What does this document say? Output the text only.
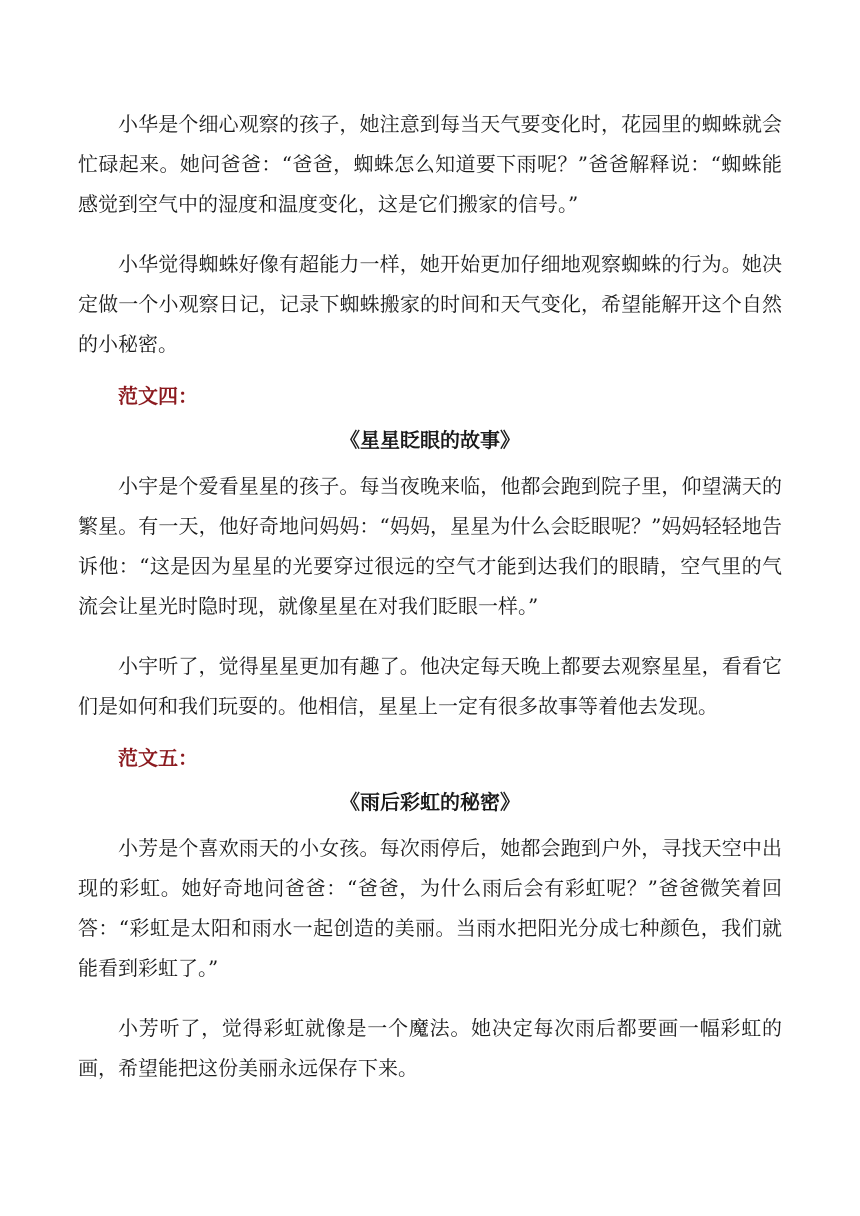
小华是个细心观察的孩子，她注意到每当天气要变化时，花园里的蜘蛛就会忙碌起来。她问爸爸：“爸爸，蜘蛛怎么知道要下雨呢？”爸爸解释说：“蜘蛛能感觉到空气中的湿度和温度变化，这是它们搬家的信号。”

小华觉得蜘蛛好像有超能力一样，她开始更加仔细地观察蜘蛛的行为。她决定做一个小观察日记，记录下蜘蛛搬家的时间和天气变化，希望能解开这个自然的小秘密。

范文四：
《星星眨眼的故事》

小宇是个爱看星星的孩子。每当夜晚来临，他都会跑到院子里，仰望满天的繁星。有一天，他好奇地问妈妈：“妈妈，星星为什么会眨眼呢？”妈妈轻轻地告诉他：“这是因为星星的光要穿过很远的空气才能到达我们的眼睛，空气里的气流会让星光时隐时现，就像星星在对我们眨眼一样。”

小宇听了，觉得星星更加有趣了。他决定每天晚上都要去观察星星，看看它们是如何和我们玩耍的。他相信，星星上一定有很多故事等着他去发现。

范文五：
《雨后彩虹的秘密》

小芳是个喜欢雨天的小女孩。每次雨停后，她都会跑到户外，寻找天空中出现的彩虹。她好奇地问爸爸：“爸爸，为什么雨后会有彩虹呢？”爸爸微笑着回答：“彩虹是太阳和雨水一起创造的美丽。当雨水把阳光分成七种颜色，我们就能看到彩虹了。”

小芳听了，觉得彩虹就像是一个魔法。她决定每次雨后都要画一幅彩虹的画，希望能把这份美丽永远保存下来。
